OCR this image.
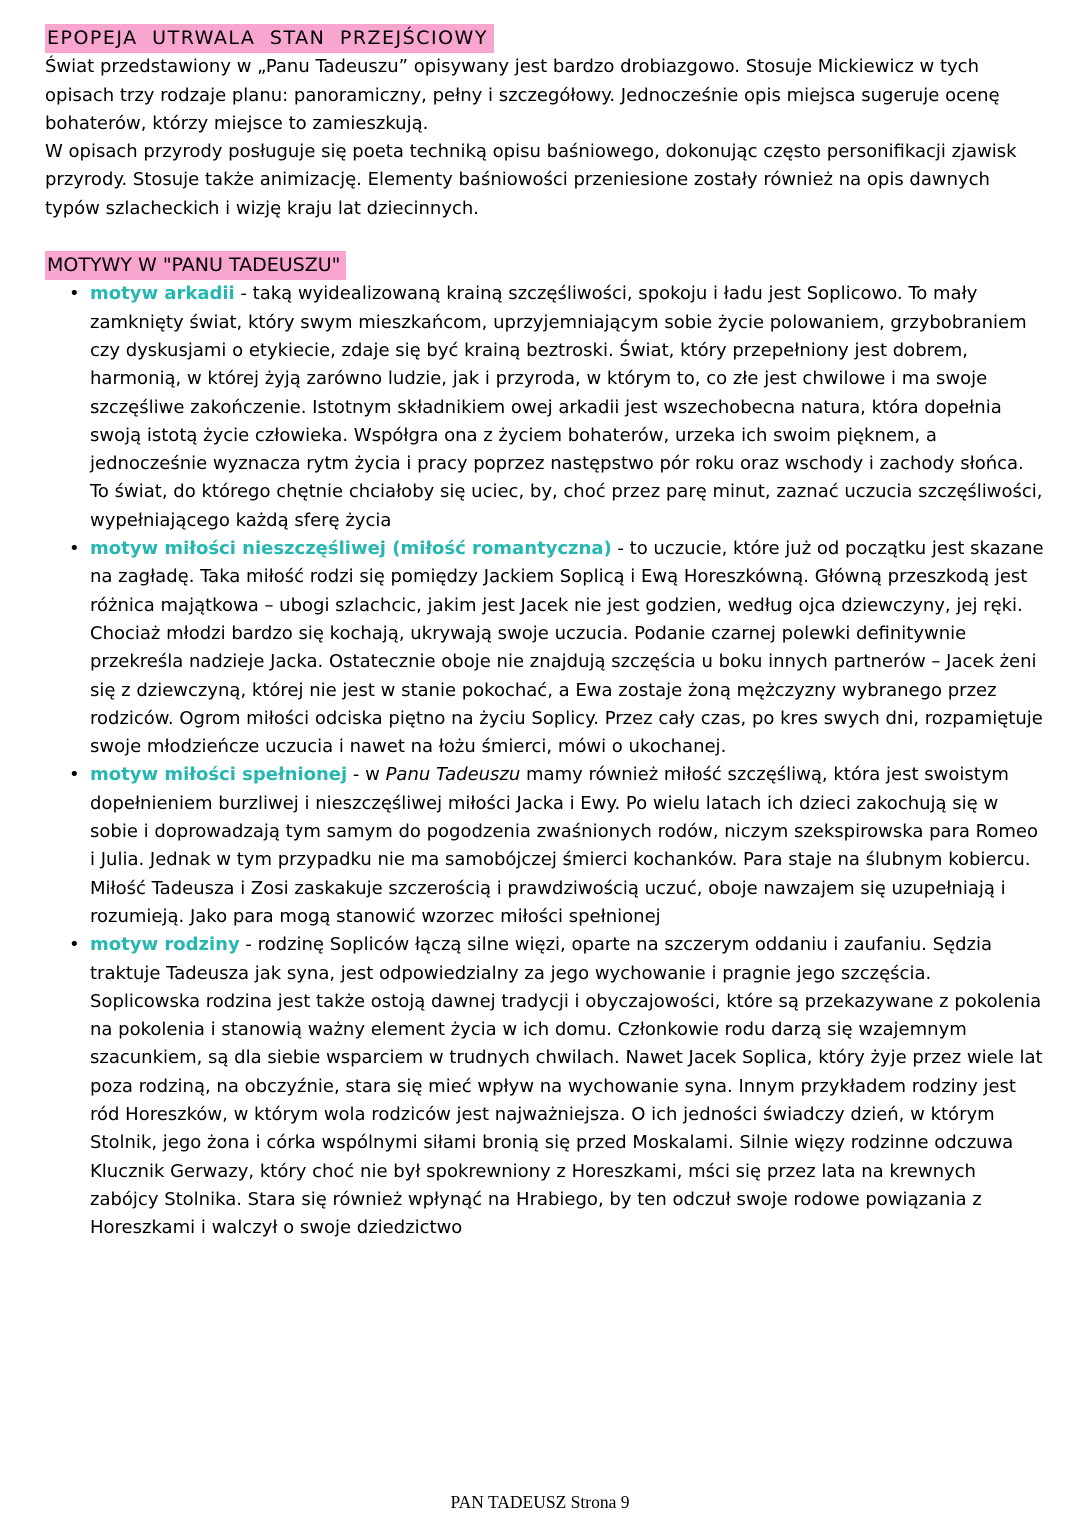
EPOPEJA UTRWALA STAN PRZEJŚCIOWY

Świat przedstawiony w „Panu Tadeuszu” opisywany jest bardzo drobiazgowo. Stosuje Mickiewicz w tych opisach trzy rodzaje planu: panoramiczny, pełny i szczegółowy. Jednocześnie opis miejsca sugeruje ocenę bohaterów, którzy miejsce to zamieszkują.

W opisach przyrody posługuje się poeta techniką opisu baśniowego, dokonując często personifikacji zjawisk przyrody. Stosuje także animizację. Elementy baśniowości przeniesione zostały również na opis dawnych typów szlacheckich i wizję kraju lat dziecinnych.

MOTYWY W "PANU TADEUSZU"
• motyw arkadii - taką wyidealizowaną krainą szczęśliwości, spokoju i ładu jest Soplicowo. To mały zamknięty świat, który swym mieszkańcom, uprzyjemniającym sobie życie polowaniem, grzybobraniem czy dyskusjami o etykiecie, zdaje się być krainą beztroski. Świat, który przepełniony jest dobrem, harmonią, w której żyją zarówno ludzie, jak i przyroda, w którym to, co złe jest chwilowe i ma swoje szczęśliwe zakończenie. Istotnym składnikiem owej arkadii jest wszechobecna natura, która dopełnia swoją istotą życie człowieka. Współgra ona z życiem bohaterów, urzeka ich swoim pięknem, a jednocześnie wyznacza rytm życia i pracy poprzez następstwo pór roku oraz wschody i zachody słońca. To świat, do którego chętnie chciałoby się uciec, by, choć przez parę minut, zaznać uczucia szczęśliwości, wypełniającego każdą sferę życia
• motyw miłości nieszczęśliwej (miłość romantyczna) - to uczucie, które już od początku jest skazane na zagładę. Taka miłość rodzi się pomiędzy Jackiem Soplicą i Ewą Horeszkówną. Główną przeszkodą jest różnica majątkowa – ubogi szlachcic, jakim jest Jacek nie jest godzien, według ojca dziewczyny, jej ręki. Chociaż młodzi bardzo się kochają, ukrywają swoje uczucia. Podanie czarnej polewki definitywnie przekreśla nadzieje Jacka. Ostatecznie oboje nie znajdują szczęścia u boku innych partnerów – Jacek żeni się z dziewczyną, której nie jest w stanie pokochać, a Ewa zostaje żoną mężczyzny wybranego przez rodziców. Ogrom miłości odciska piętno na życiu Soplicy. Przez cały czas, po kres swych dni, rozpamiętuje swoje młodzieńcze uczucia i nawet na łożu śmierci, mówi o ukochanej.
• motyw miłości spełnionej - w Panu Tadeuszu mamy również miłość szczęśliwą, która jest swoistym dopełnieniem burzliwej i nieszczęśliwej miłości Jacka i Ewy. Po wielu latach ich dzieci zakochują się w sobie i doprowadzają tym samym do pogodzenia zwaśnionych rodów, niczym szekspirowska para Romeo i Julia. Jednak w tym przypadku nie ma samobójczej śmierci kochanków. Para staje na ślubnym kobiercu. Miłość Tadeusza i Zosi zaskakuje szczerością i prawdziwością uczuć, oboje nawzajem się uzupełniają i rozumieją. Jako para mogą stanowić wzorzec miłości spełnionej
• motyw rodziny - rodzinę Sopliców łączą silne więzi, oparte na szczerym oddaniu i zaufaniu. Sędzia traktuje Tadeusza jak syna, jest odpowiedzialny za jego wychowanie i pragnie jego szczęścia. Soplicowska rodzina jest także ostoją dawnej tradycji i obyczajowości, które są przekazywane z pokolenia na pokolenia i stanowią ważny element życia w ich domu. Członkowie rodu darzą się wzajemnym szacunkiem, są dla siebie wsparciem w trudnych chwilach. Nawet Jacek Soplica, który żyje przez wiele lat poza rodziną, na obczyźnie, stara się mieć wpływ na wychowanie syna. Innym przykładem rodziny jest ród Horeszków, w którym wola rodziców jest najważniejsza. O ich jedności świadczy dzień, w którym Stolnik, jego żona i córka wspólnymi siłami bronią się przed Moskalami. Silnie więzy rodzinne odczuwa Klucznik Gerwazy, który choć nie był spokrewniony z Horeszkami, mści się przez lata na krewnych zabójcy Stolnika. Stara się również wpłynąć na Hrabiego, by ten odczuł swoje rodowe powiązania z Horeszkami i walczył o swoje dziedzictwo
PAN TADEUSZ Strona 9
